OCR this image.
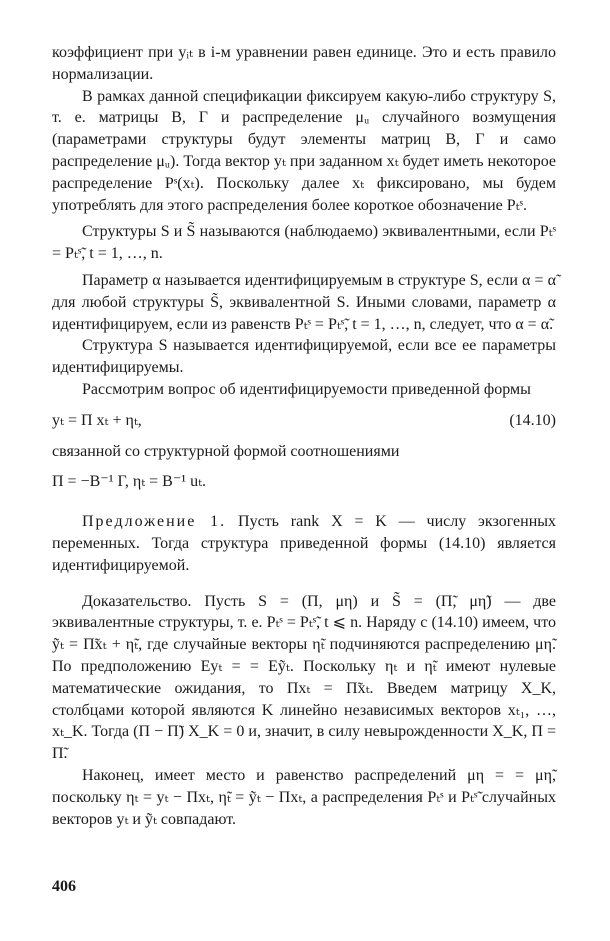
коэффициент при yᵢₜ в i-м уравнении равен единице. Это и есть правило нормализации.

В рамках данной спецификации фиксируем какую-либо структуру S, т. е. матрицы B, Γ и распределение μᵤ случайного возмущения (параметрами структуры будут элементы матриц B, Γ и само распределение μᵤ). Тогда вектор yₜ при заданном xₜ будет иметь некоторое распределение Pˢ(xₜ). Поскольку далее xₜ фиксировано, мы будем употреблять для этого распределения более короткое обозначение Pₜˢ.

Структуры S и S̃ называются (наблюдаемо) эквивалентными, если Pₜˢ = Pₜˢ̃, t = 1, …, n.

Параметр α называется идентифицируемым в структуре S, если α = α̃ для любой структуры S̃, эквивалентной S. Иными словами, параметр α идентифицируем, если из равенств Pₜˢ = Pₜˢ̃, t = 1, …, n, следует, что α = α̃.

Структура S называется идентифицируемой, если все ее параметры идентифицируемы.

Рассмотрим вопрос об идентифицируемости приведенной формы

yₜ = Π xₜ + ηₜ,	(14.10)

связанной со структурной формой соотношениями

Π = −B⁻¹ Γ, ηₜ = B⁻¹ uₜ.

Предложение 1. Пусть rank X = K — числу экзогенных переменных. Тогда структура приведенной формы (14.10) является идентифицируемой.

Доказательство. Пусть S = (Π, μη) и S̃ = (Π̃, μη̃) — две эквивалентные структуры, т. е. Pₜˢ = Pₜˢ̃, t ⩽ n. Наряду с (14.10) имеем, что ỹₜ = Π̃xₜ + η̃ₜ, где случайные векторы η̃ₜ подчиняются распределению μη̃. По предположению Eyₜ = = Eỹₜ. Поскольку ηₜ и η̃ₜ имеют нулевые математические ожидания, то Πxₜ = Π̃xₜ. Введем матрицу X_K, столбцами которой являются K линейно независимых векторов xₜ₁, …, xₜ_K. Тогда (Π − Π̃) X_K = 0 и, значит, в силу невырожденности X_K, Π = Π̃.

Наконец, имеет место и равенство распределений μη = = μη̃, поскольку ηₜ = yₜ − Πxₜ, η̃ₜ = ỹₜ − Πxₜ, а распределения Pₜˢ и Pₜˢ̃ случайных векторов yₜ и ỹₜ совпадают.

406
